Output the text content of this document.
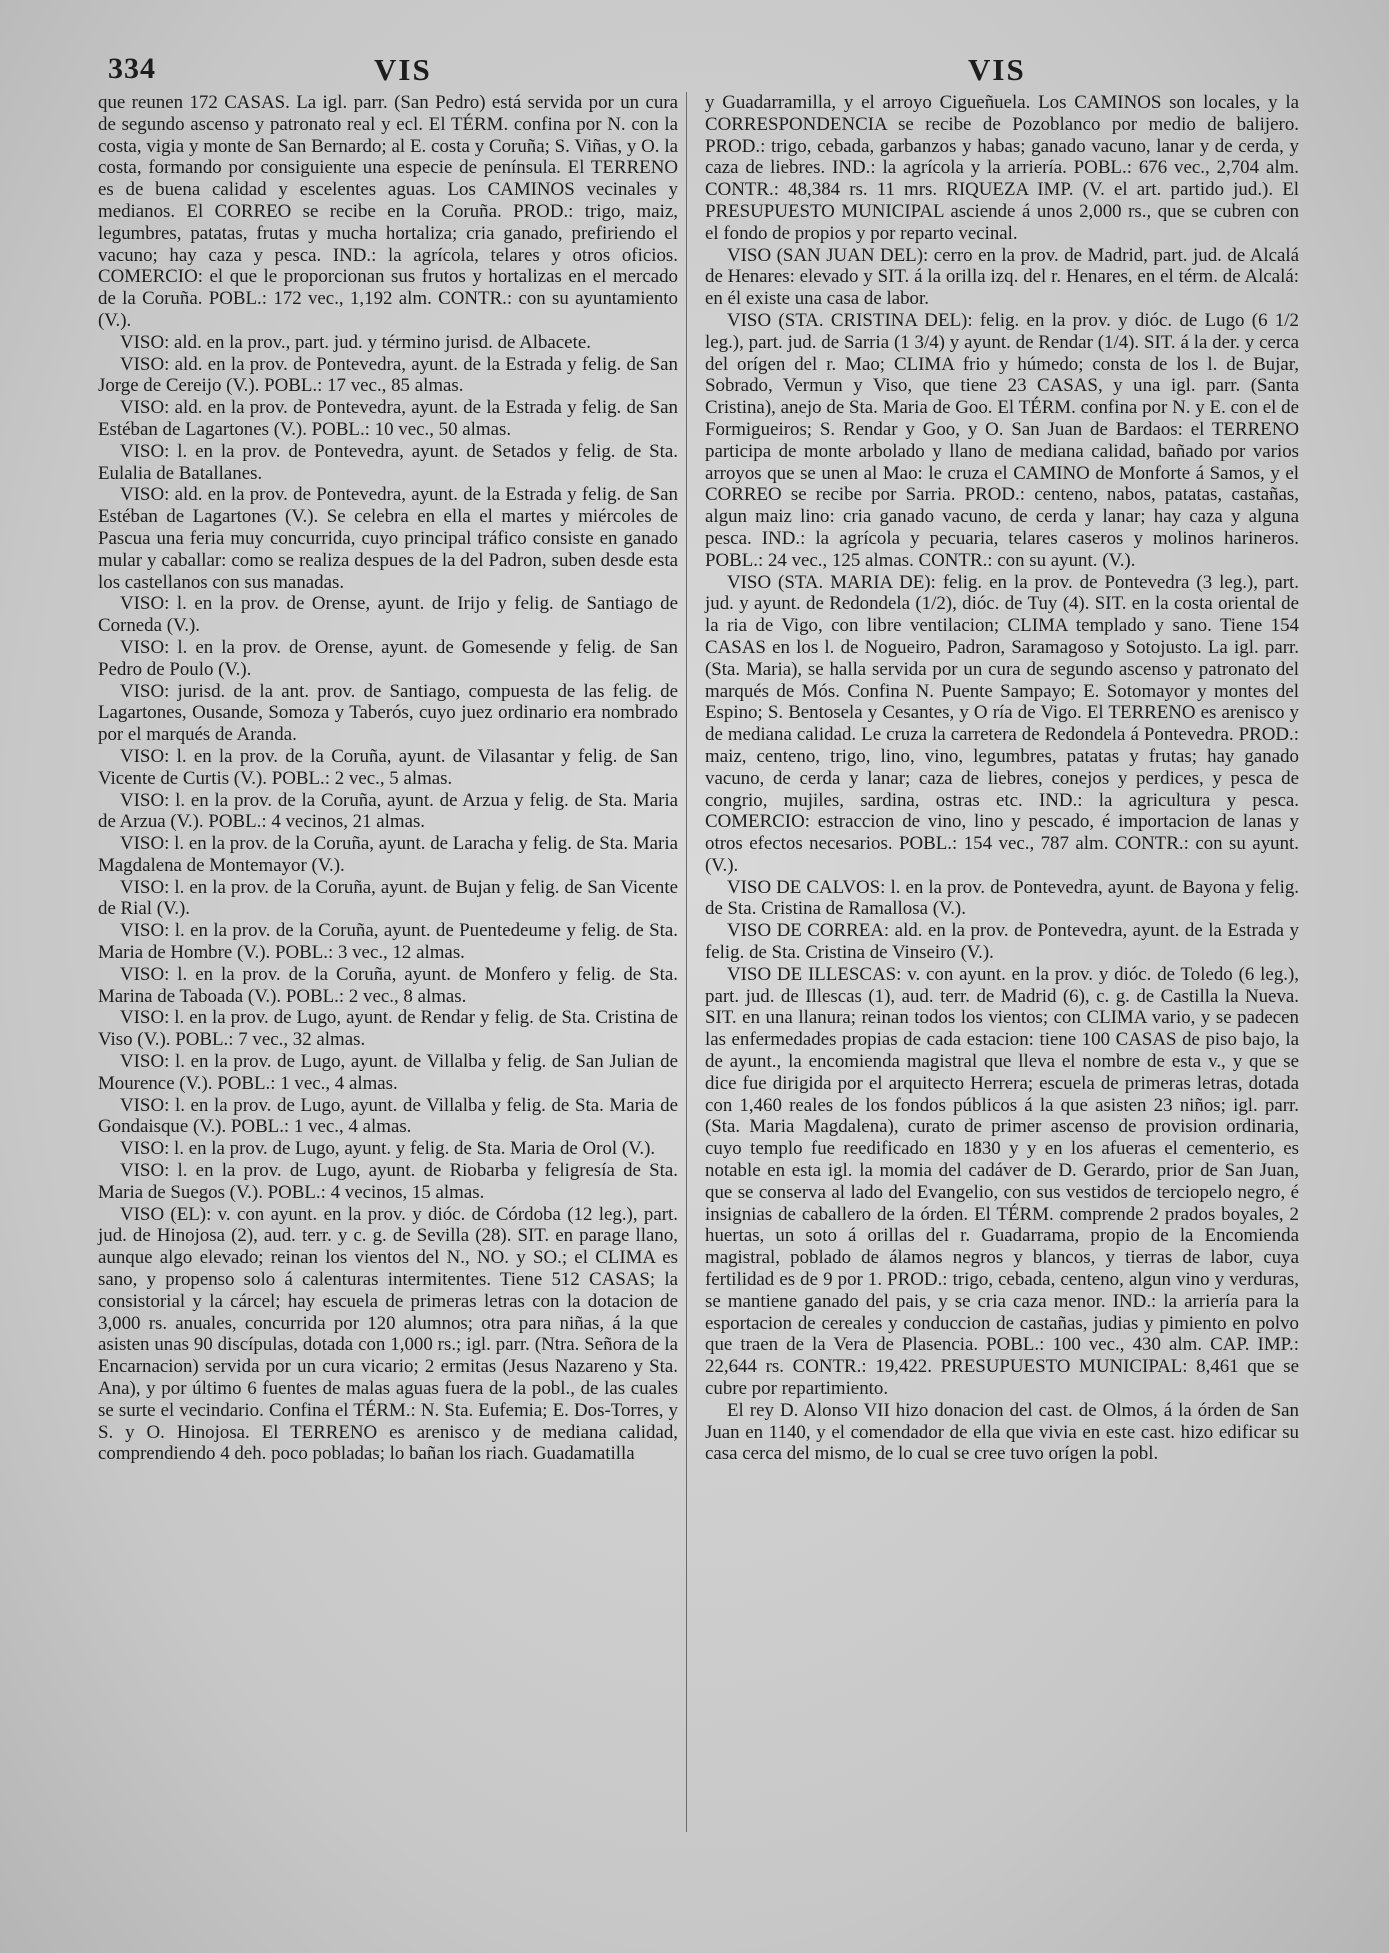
334	VIS	VIS

que reunen 172 CASAS. La igl. parr. (San Pedro) está servida por un cura de segundo ascenso y patronato real y ecl. El TÉRM. confina por N. con la costa, vigia y monte de San Bernardo; al E. costa y Coruña; S. Viñas, y O. la costa, formando por consiguiente una especie de península. El TERRENO es de buena calidad y escelentes aguas. Los CAMINOS vecinales y medianos. El CORREO se recibe en la Coruña. PROD.: trigo, maiz, legumbres, patatas, frutas y mucha hortaliza; cria ganado, prefiriendo el vacuno; hay caza y pesca. IND.: la agrícola, telares y otros oficios. COMERCIO: el que le proporcionan sus frutos y hortalizas en el mercado de la Coruña. POBL.: 172 vec., 1,192 alm. CONTR.: con su ayuntamiento (V.).

VISO: ald. en la prov., part. jud. y término jurisd. de Albacete.

VISO: ald. en la prov. de Pontevedra, ayunt. de la Estrada y felig. de San Jorge de Cereijo (V.). POBL.: 17 vec., 85 almas.

VISO: ald. en la prov. de Pontevedra, ayunt. de la Estrada y felig. de San Estéban de Lagartones (V.). POBL.: 10 vec., 50 almas.

VISO: l. en la prov. de Pontevedra, ayunt. de Setados y felig. de Sta. Eulalia de Batallanes.

VISO: ald. en la prov. de Pontevedra, ayunt. de la Estrada y felig. de San Estéban de Lagartones (V.). Se celebra en ella el martes y miércoles de Pascua una feria muy concurrida, cuyo principal tráfico consiste en ganado mular y caballar: como se realiza despues de la del Padron, suben desde esta los castellanos con sus manadas.

VISO: l. en la prov. de Orense, ayunt. de Irijo y felig. de Santiago de Corneda (V.).

VISO: l. en la prov. de Orense, ayunt. de Gomesende y felig. de San Pedro de Poulo (V.).

VISO: jurisd. de la ant. prov. de Santiago, compuesta de las felig. de Lagartones, Ousande, Somoza y Taberós, cuyo juez ordinario era nombrado por el marqués de Aranda.

VISO: l. en la prov. de la Coruña, ayunt. de Vilasantar y felig. de San Vicente de Curtis (V.). POBL.: 2 vec., 5 almas.

VISO: l. en la prov. de la Coruña, ayunt. de Arzua y felig. de Sta. Maria de Arzua (V.). POBL.: 4 vecinos, 21 almas.

VISO: l. en la prov. de la Coruña, ayunt. de Laracha y felig. de Sta. Maria Magdalena de Montemayor (V.).

VISO: l. en la prov. de la Coruña, ayunt. de Bujan y felig. de San Vicente de Rial (V.).

VISO: l. en la prov. de la Coruña, ayunt. de Puentedeume y felig. de Sta. Maria de Hombre (V.). POBL.: 3 vec., 12 almas.

VISO: l. en la prov. de la Coruña, ayunt. de Monfero y felig. de Sta. Marina de Taboada (V.). POBL.: 2 vec., 8 almas.

VISO: l. en la prov. de Lugo, ayunt. de Rendar y felig. de Sta. Cristina de Viso (V.). POBL.: 7 vec., 32 almas.

VISO: l. en la prov. de Lugo, ayunt. de Villalba y felig. de San Julian de Mourence (V.). POBL.: 1 vec., 4 almas.

VISO: l. en la prov. de Lugo, ayunt. de Villalba y felig. de Sta. Maria de Gondaisque (V.). POBL.: 1 vec., 4 almas.

VISO: l. en la prov. de Lugo, ayunt. y felig. de Sta. Maria de Orol (V.).

VISO: l. en la prov. de Lugo, ayunt. de Riobarba y feligresía de Sta. Maria de Suegos (V.). POBL.: 4 vecinos, 15 almas.

VISO (EL): v. con ayunt. en la prov. y dióc. de Córdoba (12 leg.), part. jud. de Hinojosa (2), aud. terr. y c. g. de Sevilla (28). SIT. en parage llano, aunque algo elevado; reinan los vientos del N., NO. y SO.; el CLIMA es sano, y propenso solo á calenturas intermitentes. Tiene 512 CASAS; la consistorial y la cárcel; hay escuela de primeras letras con la dotacion de 3,000 rs. anuales, concurrida por 120 alumnos; otra para niñas, á la que asisten unas 90 discípulas, dotada con 1,000 rs.; igl. parr. (Ntra. Señora de la Encarnacion) servida por un cura vicario; 2 ermitas (Jesus Nazareno y Sta. Ana), y por último 6 fuentes de malas aguas fuera de la pobl., de las cuales se surte el vecindario. Confina el TÉRM.: N. Sta. Eufemia; E. Dos-Torres, y S. y O. Hinojosa. El TERRENO es arenisco y de mediana calidad, comprendiendo 4 deh. poco pobladas; lo bañan los riach. Guadamatilla

y Guadarramilla, y el arroyo Cigueñuela. Los CAMINOS son locales, y la CORRESPONDENCIA se recibe de Pozoblanco por medio de balijero. PROD.: trigo, cebada, garbanzos y habas; ganado vacuno, lanar y de cerda, y caza de liebres. IND.: la agrícola y la arriería. POBL.: 676 vec., 2,704 alm. CONTR.: 48,384 rs. 11 mrs. RIQUEZA IMP. (V. el art. partido jud.). El PRESUPUESTO MUNICIPAL asciende á unos 2,000 rs., que se cubren con el fondo de propios y por reparto vecinal.

VISO (SAN JUAN DEL): cerro en la prov. de Madrid, part. jud. de Alcalá de Henares: elevado y SIT. á la orilla izq. del r. Henares, en el térm. de Alcalá: en él existe una casa de labor.

VISO (STA. CRISTINA DEL): felig. en la prov. y dióc. de Lugo (6 1/2 leg.), part. jud. de Sarria (1 3/4) y ayunt. de Rendar (1/4). SIT. á la der. y cerca del orígen del r. Mao; CLIMA frio y húmedo; consta de los l. de Bujar, Sobrado, Vermun y Viso, que tiene 23 CASAS, y una igl. parr. (Santa Cristina), anejo de Sta. Maria de Goo. El TÉRM. confina por N. y E. con el de Formigueiros; S. Rendar y Goo, y O. San Juan de Bardaos: el TERRENO participa de monte arbolado y llano de mediana calidad, bañado por varios arroyos que se unen al Mao: le cruza el CAMINO de Monforte á Samos, y el CORREO se recibe por Sarria. PROD.: centeno, nabos, patatas, castañas, algun maiz lino: cria ganado vacuno, de cerda y lanar; hay caza y alguna pesca. IND.: la agrícola y pecuaria, telares caseros y molinos harineros. POBL.: 24 vec., 125 almas. CONTR.: con su ayunt. (V.).

VISO (STA. MARIA DE): felig. en la prov. de Pontevedra (3 leg.), part. jud. y ayunt. de Redondela (1/2), dióc. de Tuy (4). SIT. en la costa oriental de la ria de Vigo, con libre ventilacion; CLIMA templado y sano. Tiene 154 CASAS en los l. de Nogueiro, Padron, Saramagoso y Sotojusto. La igl. parr. (Sta. Maria), se halla servida por un cura de segundo ascenso y patronato del marqués de Mós. Confina N. Puente Sampayo; E. Sotomayor y montes del Espino; S. Bentosela y Cesantes, y O ría de Vigo. El TERRENO es arenisco y de mediana calidad. Le cruza la carretera de Redondela á Pontevedra. PROD.: maiz, centeno, trigo, lino, vino, legumbres, patatas y frutas; hay ganado vacuno, de cerda y lanar; caza de liebres, conejos y perdices, y pesca de congrio, mujiles, sardina, ostras etc. IND.: la agricultura y pesca. COMERCIO: estraccion de vino, lino y pescado, é importacion de lanas y otros efectos necesarios. POBL.: 154 vec., 787 alm. CONTR.: con su ayunt. (V.).

VISO DE CALVOS: l. en la prov. de Pontevedra, ayunt. de Bayona y felig. de Sta. Cristina de Ramallosa (V.).

VISO DE CORREA: ald. en la prov. de Pontevedra, ayunt. de la Estrada y felig. de Sta. Cristina de Vinseiro (V.).

VISO DE ILLESCAS: v. con ayunt. en la prov. y dióc. de Toledo (6 leg.), part. jud. de Illescas (1), aud. terr. de Madrid (6), c. g. de Castilla la Nueva. SIT. en una llanura; reinan todos los vientos; con CLIMA vario, y se padecen las enfermedades propias de cada estacion: tiene 100 CASAS de piso bajo, la de ayunt., la encomienda magistral que lleva el nombre de esta v., y que se dice fue dirigida por el arquitecto Herrera; escuela de primeras letras, dotada con 1,460 reales de los fondos públicos á la que asisten 23 niños; igl. parr. (Sta. Maria Magdalena), curato de primer ascenso de provision ordinaria, cuyo templo fue reedificado en 1830 y y en los afueras el cementerio, es notable en esta igl. la momia del cadáver de D. Gerardo, prior de San Juan, que se conserva al lado del Evangelio, con sus vestidos de terciopelo negro, é insignias de caballero de la órden. El TÉRM. comprende 2 prados boyales, 2 huertas, un soto á orillas del r. Guadarrama, propio de la Encomienda magistral, poblado de álamos negros y blancos, y tierras de labor, cuya fertilidad es de 9 por 1. PROD.: trigo, cebada, centeno, algun vino y verduras, se mantiene ganado del pais, y se cria caza menor. IND.: la arriería para la esportacion de cereales y conduccion de castañas, judias y pimiento en polvo que traen de la Vera de Plasencia. POBL.: 100 vec., 430 alm. CAP. IMP.: 22,644 rs. CONTR.: 19,422. PRESUPUESTO MUNICIPAL: 8,461 que se cubre por repartimiento.

El rey D. Alonso VII hizo donacion del cast. de Olmos, á la órden de San Juan en 1140, y el comendador de ella que vivia en este cast. hizo edificar su casa cerca del mismo, de lo cual se cree tuvo orígen la pobl.
